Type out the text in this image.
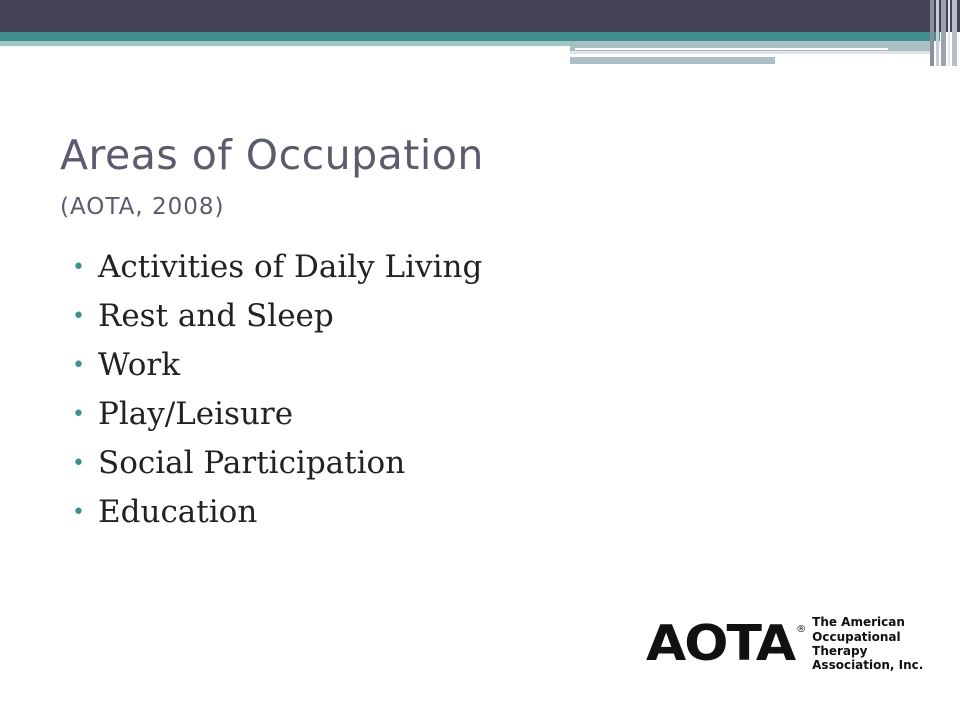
Areas of Occupation
(AOTA, 2008)
• Activities of Daily Living
• Rest and Sleep
• Work
• Play/Leisure
• Social Participation
• Education
AOTA ®
The American
Occupational Therapy
Association, Inc.
